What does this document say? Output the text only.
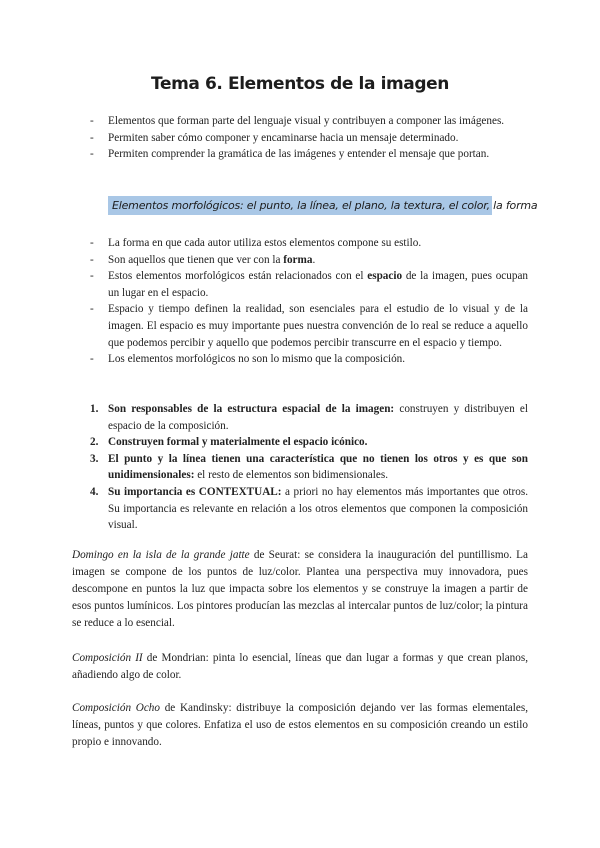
Tema 6. Elementos de la imagen
- Elementos que forman parte del lenguaje visual y contribuyen a componer las imágenes.
- Permiten saber cómo componer y encaminarse hacia un mensaje determinado.
- Permiten comprender la gramática de las imágenes y entender el mensaje que portan.
Elementos morfológicos: el punto, la línea, el plano, la textura, el color, la forma
- La forma en que cada autor utiliza estos elementos compone su estilo.
- Son aquellos que tienen que ver con la forma.
- Estos elementos morfológicos están relacionados con el espacio de la imagen, pues ocupan un lugar en el espacio.
- Espacio y tiempo definen la realidad, son esenciales para el estudio de lo visual y de la imagen. El espacio es muy importante pues nuestra convención de lo real se reduce a aquello que podemos percibir y aquello que podemos percibir transcurre en el espacio y tiempo.
- Los elementos morfológicos no son lo mismo que la composición.
1. Son responsables de la estructura espacial de la imagen: construyen y distribuyen el espacio de la composición.
2. Construyen formal y materialmente el espacio icónico.
3. El punto y la línea tienen una característica que no tienen los otros y es que son unidimensionales: el resto de elementos son bidimensionales.
4. Su importancia es CONTEXTUAL: a priori no hay elementos más importantes que otros. Su importancia es relevante en relación a los otros elementos que componen la composición visual.

Domingo en la isla de la grande jatte de Seurat: se considera la inauguración del puntillismo. La imagen se compone de los puntos de luz/color. Plantea una perspectiva muy innovadora, pues descompone en puntos la luz que impacta sobre los elementos y se construye la imagen a partir de esos puntos lumínicos. Los pintores producían las mezclas al intercalar puntos de luz/color; la pintura se reduce a lo esencial.

Composición II de Mondrian: pinta lo esencial, líneas que dan lugar a formas y que crean planos, añadiendo algo de color.

Composición Ocho de Kandinsky: distribuye la composición dejando ver las formas elementales, líneas, puntos y que colores. Enfatiza el uso de estos elementos en su composición creando un estilo propio e innovando.
